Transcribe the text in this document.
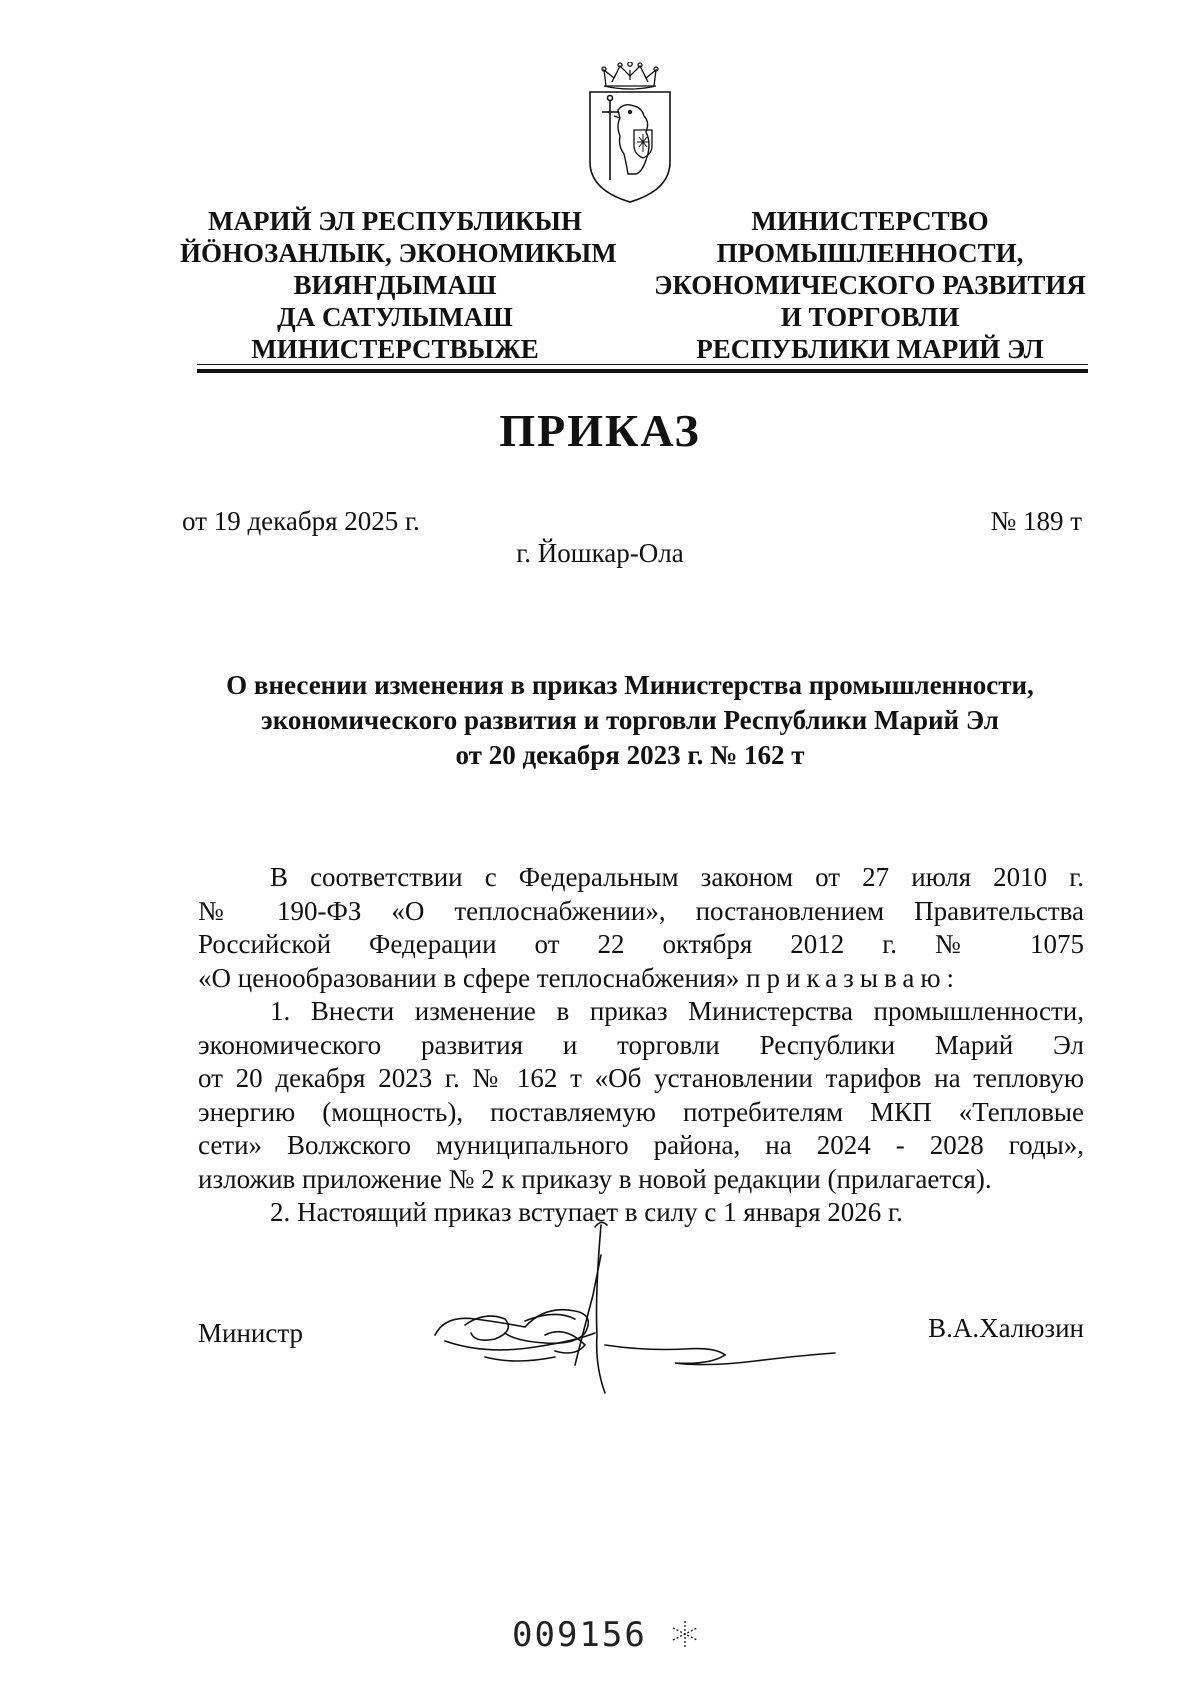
МАРИЙ ЭЛ РЕСПУБЛИКЫН
ЙӦНОЗАНЛЫК, ЭКОНОМИКЫМ
ВИЯҤДЫМАШ
ДА САТУЛЫМАШ
МИНИСТЕРСТВЫЖЕ
МИНИСТЕРСТВО
ПРОМЫШЛЕННОСТИ,
ЭКОНОМИЧЕСКОГО РАЗВИТИЯ
И ТОРГОВЛИ
РЕСПУБЛИКИ МАРИЙ ЭЛ
ПРИКАЗ
от 19 декабря 2025 г.	№ 189 т
г. Йошкар-Ола
О внесении изменения в приказ Министерства промышленности,
экономического развития и торговли Республики Марий Эл
от 20 декабря 2023 г. № 162 т
В соответствии с Федеральным законом от 27 июля 2010 г.
№ 190-ФЗ «О теплоснабжении», постановлением Правительства
Российской Федерации от 22 октября 2012 г. № 1075
«О ценообразовании в сфере теплоснабжения» приказываю:
1. Внести изменение в приказ Министерства промышленности,
экономического развития и торговли Республики Марий Эл
от 20 декабря 2023 г. № 162 т «Об установлении тарифов на тепловую
энергию (мощность), поставляемую потребителям МКП «Тепловые
сети» Волжского муниципального района, на 2024 - 2028 годы»,
изложив приложение № 2 к приказу в новой редакции (прилагается).
2. Настоящий приказ вступает в силу с 1 января 2026 г.
Министр	В.А.Халюзин
009156
